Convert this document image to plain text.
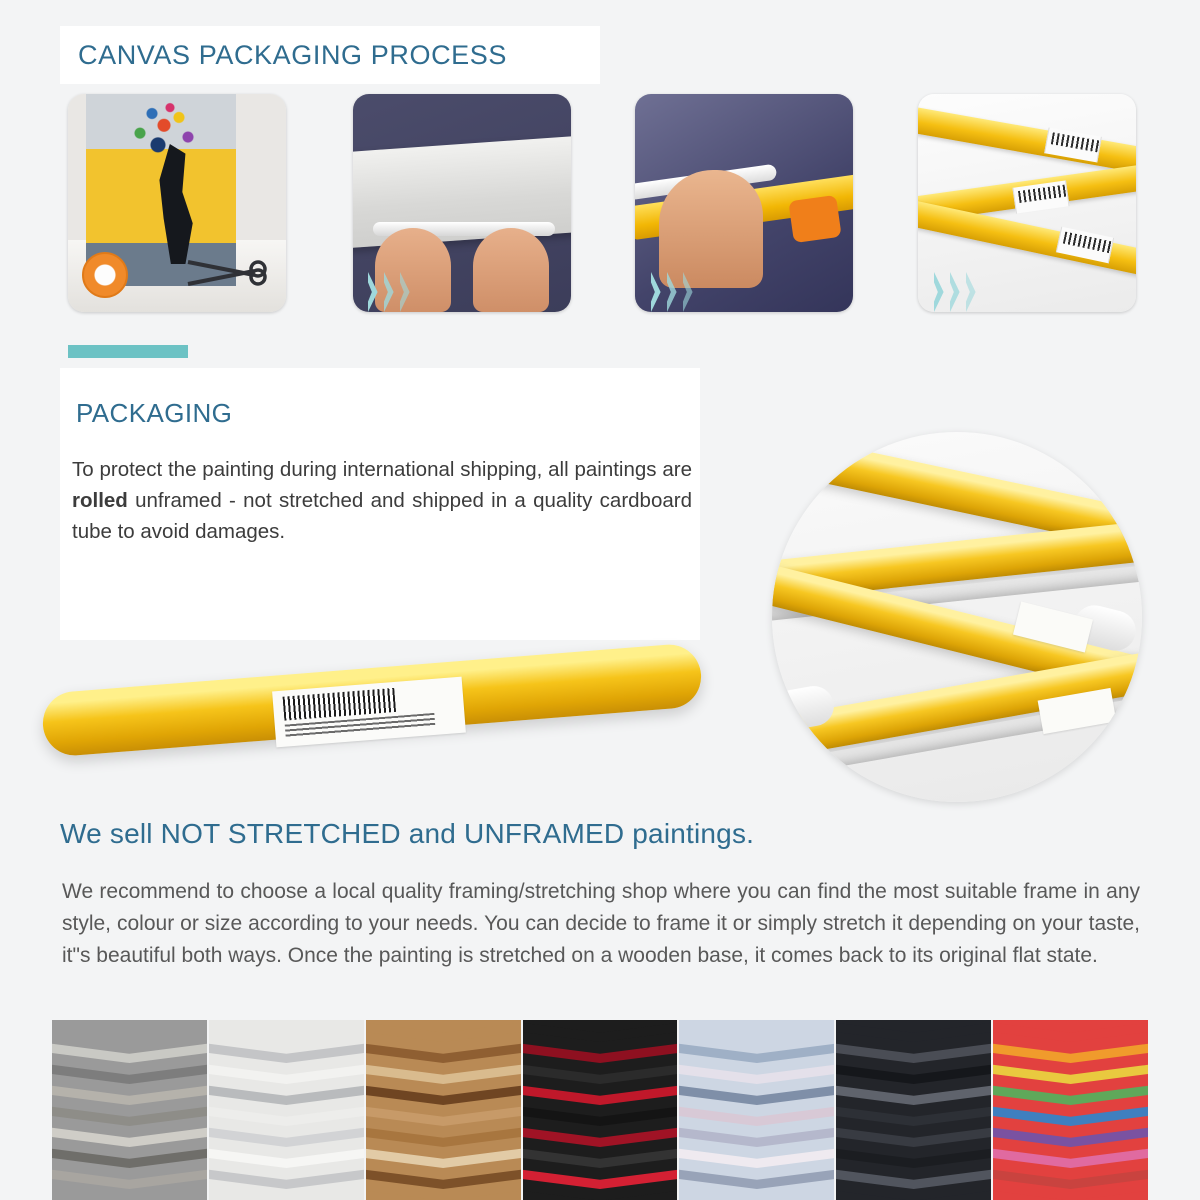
CANVAS PACKAGING PROCESS
PACKAGING
To protect the painting during international shipping, all paintings are rolled unframed - not stretched and shipped in a quality cardboard tube to avoid damages.
We sell NOT STRETCHED and UNFRAMED paintings.
We recommend to choose a local quality framing/stretching shop where you can find the most suitable frame in any style, colour or size according to your needs. You can decide to frame it or simply stretch it depending on your taste, it"s beautiful both ways. Once the painting is stretched on a wooden base, it comes back to its original flat state.
